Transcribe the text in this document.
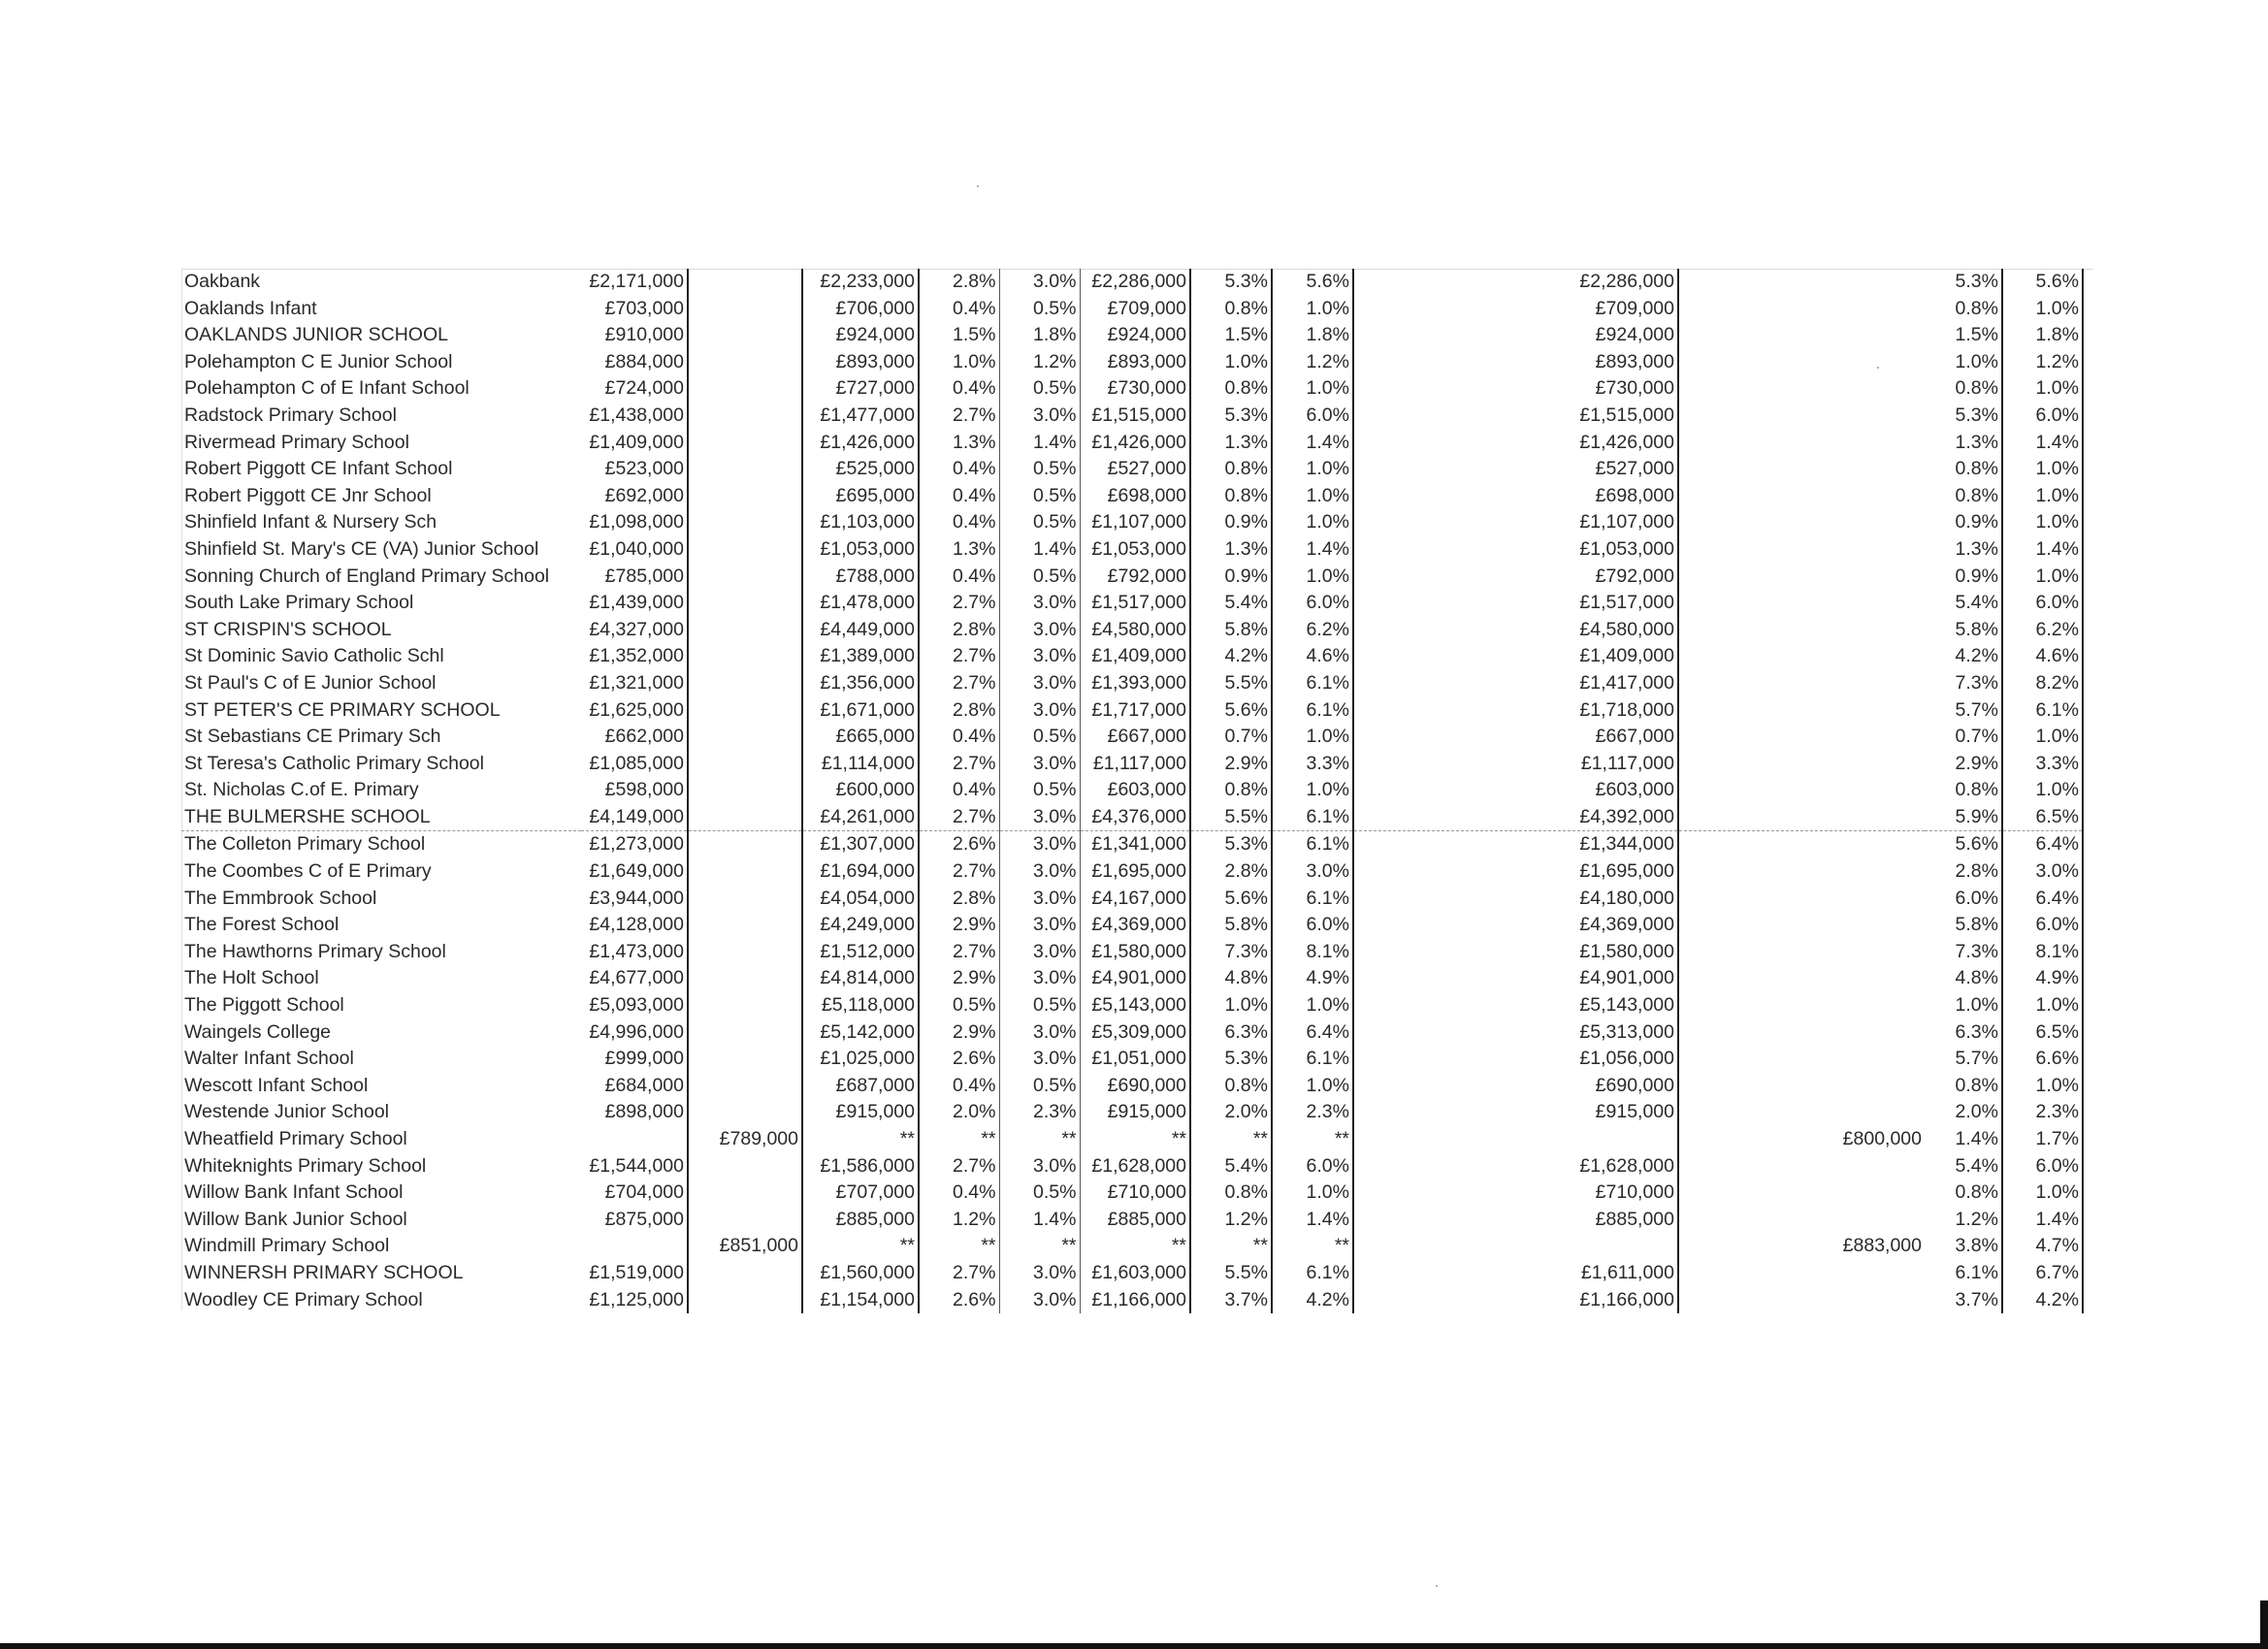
Oakbank	£2,171,000		£2,233,000	2.8%	3.0%	£2,286,000	5.3%	5.6%	£2,286,000		5.3%	5.6%
Oaklands Infant	£703,000		£706,000	0.4%	0.5%	£709,000	0.8%	1.0%	£709,000		0.8%	1.0%
OAKLANDS JUNIOR SCHOOL	£910,000		£924,000	1.5%	1.8%	£924,000	1.5%	1.8%	£924,000		1.5%	1.8%
Polehampton C E Junior School	£884,000		£893,000	1.0%	1.2%	£893,000	1.0%	1.2%	£893,000		1.0%	1.2%
Polehampton C of E Infant School	£724,000		£727,000	0.4%	0.5%	£730,000	0.8%	1.0%	£730,000		0.8%	1.0%
Radstock Primary School	£1,438,000		£1,477,000	2.7%	3.0%	£1,515,000	5.3%	6.0%	£1,515,000		5.3%	6.0%
Rivermead Primary School	£1,409,000		£1,426,000	1.3%	1.4%	£1,426,000	1.3%	1.4%	£1,426,000		1.3%	1.4%
Robert Piggott CE Infant School	£523,000		£525,000	0.4%	0.5%	£527,000	0.8%	1.0%	£527,000		0.8%	1.0%
Robert Piggott CE Jnr School	£692,000		£695,000	0.4%	0.5%	£698,000	0.8%	1.0%	£698,000		0.8%	1.0%
Shinfield Infant & Nursery Sch	£1,098,000		£1,103,000	0.4%	0.5%	£1,107,000	0.9%	1.0%	£1,107,000		0.9%	1.0%
Shinfield St. Mary's CE (VA) Junior School	£1,040,000		£1,053,000	1.3%	1.4%	£1,053,000	1.3%	1.4%	£1,053,000		1.3%	1.4%
Sonning Church of England Primary School	£785,000		£788,000	0.4%	0.5%	£792,000	0.9%	1.0%	£792,000		0.9%	1.0%
South Lake Primary School	£1,439,000		£1,478,000	2.7%	3.0%	£1,517,000	5.4%	6.0%	£1,517,000		5.4%	6.0%
ST CRISPIN'S SCHOOL	£4,327,000		£4,449,000	2.8%	3.0%	£4,580,000	5.8%	6.2%	£4,580,000		5.8%	6.2%
St Dominic Savio Catholic Schl	£1,352,000		£1,389,000	2.7%	3.0%	£1,409,000	4.2%	4.6%	£1,409,000		4.2%	4.6%
St Paul's C of E Junior School	£1,321,000		£1,356,000	2.7%	3.0%	£1,393,000	5.5%	6.1%	£1,417,000		7.3%	8.2%
ST PETER'S CE PRIMARY SCHOOL	£1,625,000		£1,671,000	2.8%	3.0%	£1,717,000	5.6%	6.1%	£1,718,000		5.7%	6.1%
St Sebastians CE Primary Sch	£662,000		£665,000	0.4%	0.5%	£667,000	0.7%	1.0%	£667,000		0.7%	1.0%
St Teresa's Catholic Primary School	£1,085,000		£1,114,000	2.7%	3.0%	£1,117,000	2.9%	3.3%	£1,117,000		2.9%	3.3%
St. Nicholas C.of E. Primary	£598,000		£600,000	0.4%	0.5%	£603,000	0.8%	1.0%	£603,000		0.8%	1.0%
THE BULMERSHE SCHOOL	£4,149,000		£4,261,000	2.7%	3.0%	£4,376,000	5.5%	6.1%	£4,392,000		5.9%	6.5%
The Colleton Primary School	£1,273,000		£1,307,000	2.6%	3.0%	£1,341,000	5.3%	6.1%	£1,344,000		5.6%	6.4%
The Coombes C of E Primary	£1,649,000		£1,694,000	2.7%	3.0%	£1,695,000	2.8%	3.0%	£1,695,000		2.8%	3.0%
The Emmbrook School	£3,944,000		£4,054,000	2.8%	3.0%	£4,167,000	5.6%	6.1%	£4,180,000		6.0%	6.4%
The Forest School	£4,128,000		£4,249,000	2.9%	3.0%	£4,369,000	5.8%	6.0%	£4,369,000		5.8%	6.0%
The Hawthorns Primary School	£1,473,000		£1,512,000	2.7%	3.0%	£1,580,000	7.3%	8.1%	£1,580,000		7.3%	8.1%
The Holt School	£4,677,000		£4,814,000	2.9%	3.0%	£4,901,000	4.8%	4.9%	£4,901,000		4.8%	4.9%
The Piggott School	£5,093,000		£5,118,000	0.5%	0.5%	£5,143,000	1.0%	1.0%	£5,143,000		1.0%	1.0%
Waingels College	£4,996,000		£5,142,000	2.9%	3.0%	£5,309,000	6.3%	6.4%	£5,313,000		6.3%	6.5%
Walter Infant School	£999,000		£1,025,000	2.6%	3.0%	£1,051,000	5.3%	6.1%	£1,056,000		5.7%	6.6%
Wescott Infant School	£684,000		£687,000	0.4%	0.5%	£690,000	0.8%	1.0%	£690,000		0.8%	1.0%
Westende Junior School	£898,000		£915,000	2.0%	2.3%	£915,000	2.0%	2.3%	£915,000		2.0%	2.3%
Wheatfield Primary School		£789,000	**	**	**	**	**	**		£800,000	1.4%	1.7%
Whiteknights Primary School	£1,544,000		£1,586,000	2.7%	3.0%	£1,628,000	5.4%	6.0%	£1,628,000		5.4%	6.0%
Willow Bank Infant School	£704,000		£707,000	0.4%	0.5%	£710,000	0.8%	1.0%	£710,000		0.8%	1.0%
Willow Bank Junior School	£875,000		£885,000	1.2%	1.4%	£885,000	1.2%	1.4%	£885,000		1.2%	1.4%
Windmill Primary School		£851,000	**	**	**	**	**	**		£883,000	3.8%	4.7%
WINNERSH PRIMARY SCHOOL	£1,519,000		£1,560,000	2.7%	3.0%	£1,603,000	5.5%	6.1%	£1,611,000		6.1%	6.7%
Woodley CE Primary School	£1,125,000		£1,154,000	2.6%	3.0%	£1,166,000	3.7%	4.2%	£1,166,000		3.7%	4.2%
